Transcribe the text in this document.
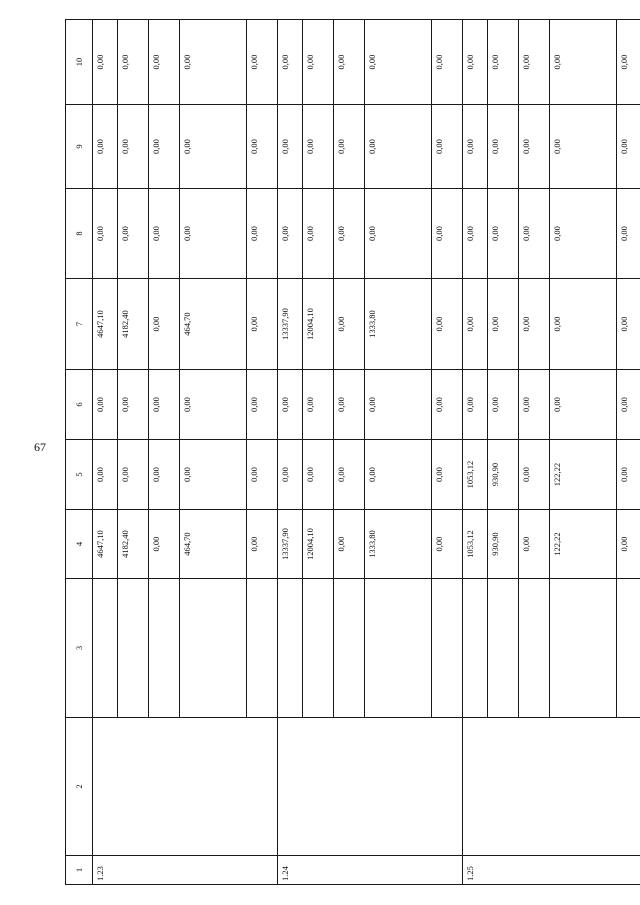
67
1	2	3	4	5	6	7	8	9	10
1.23			4647,10	0,00	0,00	4647,10	0,00	0,00	0,00
			4182,40	0,00	0,00	4182,40	0,00	0,00	0,00
			0,00	0,00	0,00	0,00	0,00	0,00	0,00
			464,70	0,00	0,00	464,70	0,00	0,00	0,00
			0,00	0,00	0,00	0,00	0,00	0,00	0,00
1.24			13337,90	0,00	0,00	13337,90	0,00	0,00	0,00
			12004,10	0,00	0,00	12004,10	0,00	0,00	0,00
			0,00	0,00	0,00	0,00	0,00	0,00	0,00
			1333,80	0,00	0,00	1333,80	0,00	0,00	0,00
			0,00	0,00	0,00	0,00	0,00	0,00	0,00
1.25			1053,12	1053,12	0,00	0,00	0,00	0,00	0,00
			930,90	930,90	0,00	0,00	0,00	0,00	0,00
			0,00	0,00	0,00	0,00	0,00	0,00	0,00
			122,22	122,22	0,00	0,00	0,00	0,00	0,00
			0,00	0,00	0,00	0,00	0,00	0,00	0,00
